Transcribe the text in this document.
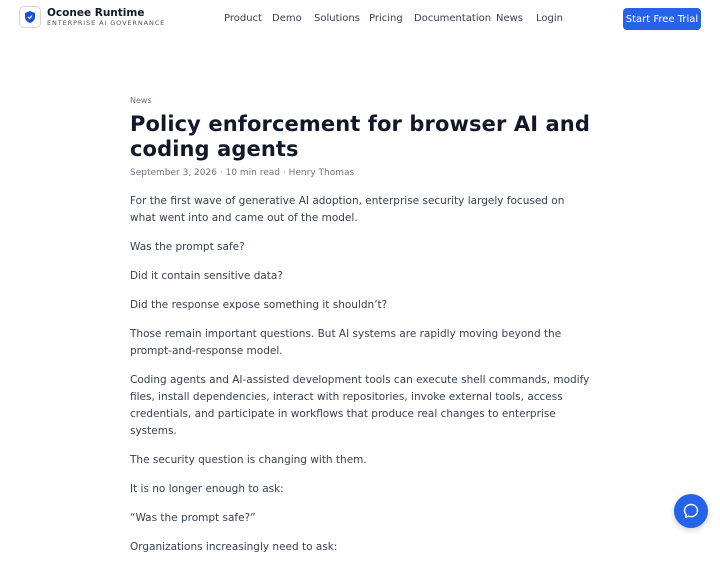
Oconee Runtime
ENTERPRISE AI GOVERNANCE	Product Demo Solutions Pricing Documentation News Login	Start Free Trial
News
Policy enforcement for browser AI and coding agents
September 3, 2026 · 10 min read · Henry Thomas

For the first wave of generative AI adoption, enterprise security largely focused on what went into and came out of the model.

Was the prompt safe?

Did it contain sensitive data?

Did the response expose something it shouldn’t?

Those remain important questions. But AI systems are rapidly moving beyond the prompt-and-response model.

Coding agents and AI-assisted development tools can execute shell commands, modify files, install dependencies, interact with repositories, invoke external tools, access credentials, and participate in workflows that produce real changes to enterprise systems.

The security question is changing with them.

It is no longer enough to ask:

“Was the prompt safe?”

Organizations increasingly need to ask:
